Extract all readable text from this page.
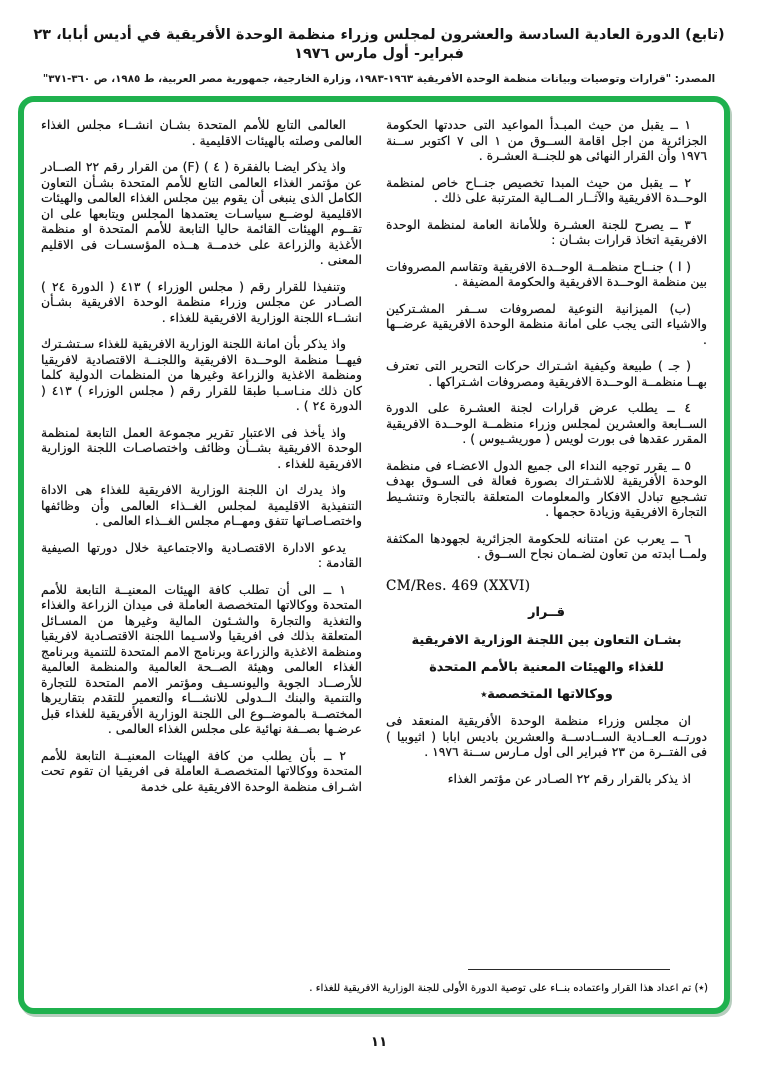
(تابع) الدورة العادية السادسة والعشرون لمجلس وزراء منظمة الوحدة الأفريقية في أديس أبابا، ٢٣ فبراير- أول مارس ١٩٧٦
المصدر: "قرارات وتوصيات وبيانات منظمة الوحدة الأفريقية ١٩٦٣-١٩٨٣، وزارة الخارجية، جمهورية مصر العربية، ط ١٩٨٥، ص ٣٦٠-٣٧١"

١ ــ يقبل من حيث المبـدأ المواعيد التى حددتها الحكومة الجزائرية من اجل اقامة الســوق من ١ الى ٧ اكتوبر ســنة ١٩٧٦ وأن القرار النهائى هو للجنــة العشـرة .

٢ ــ يقبل من حيث المبدا تخصيص جنــاح خاص لمنظمة الوحــدة الافريقية والآثــار المــالية المترتبة على ذلك .

٣ ــ يصرح للجنة العشـرة وللأمانة العامة لمنظمة الوحدة الافريقية اتخاذ قرارات بشـان :

( ا ) جنــاح منظمــة الوحــدة الافريقية وتقاسم المصروفات بين منظمة الوحــدة الافريقية والحكومة المضيفة .

(ب) الميزانية النوعية لمصروفات ســفر المشـتركين والاشياء التى يجب على امانة منظمة الوحدة الافريقية عرضــها .

( جـ ) طبيعة وكيفية اشـتراك حركات التحرير التى تعترف بهــا منظمــة الوحــدة الافريقية ومصروفات اشـتراكها .

٤ ــ يطلب عرض قرارات لجنة العشـرة على الدورة الســابعة والعشرين لمجلس وزراء منظمــة الوحــدة الافريقية المقرر عقدها فى بورت لويس ( موريشـيوس ) .

٥ ــ يقرر توجيه النداء الى جميع الدول الاعضـاء فى منظمة الوحدة الأفريقية للاشـتراك بصورة فعالة فى السـوق بهدف تشـجيع تبادل الافكار والمعلومات المتعلقة بالتجارة وتنشـيط التجارة الافريقية وزيادة حجمها .

٦ ــ يعرب عن امتنانه للحكومة الجزائرية لجهودها المكثفة ولمــا ابدته من تعاون لضـمان نجاح الســوق .

CM/Res. 469 (XXVI)
قــرار
بشـان التعاون بين اللجنة الوزارية الافريقية
للغذاء والهيئات المعنية بالأمم المتحدة
ووكالاتها المتخصصة٭

ان مجلس وزراء منظمة الوحدة الأفريقية المنعقد فى دورتــه العــادية الســادســة والعشرين باديس ابابا ( اثيوبيا ) فى الفتــرة من ٢٣ فبراير الى اول مـارس ســنة ١٩٧٦ .

اذ يذكر بالقرار رقم ٢٢ الصـادر عن مؤتمر الغذاء

العالمى التابع للأمم المتحدة بشـان انشــاء مجلس الغذاء العالمى وصلته بالهيئات الاقليمية .

واذ يذكر ايضـا بالفقرة ( ٤ ) (F) من القرار رقم ٢٢ الصــادر عن مؤتمر الغذاء العالمى التابع للأمم المتحدة بشـأن التعاون الكامل الذى ينبغى أن يقوم بين مجلس الغذاء العالمى والهيئات الاقليمية لوضــع سياسـات يعتمدها المجلس ويتابعها على ان تقــوم الهيئات القائمة حاليا التابعة للأمم المتحدة او منظمة الأغذية والزراعة على خدمــة هــذه المؤسسـات فى الاقليم المعنى .

وتنفيذا للقرار رقم ( مجلس الوزراء ) ٤١٣ ( الدورة ٢٤ ) الصـادر عن مجلس وزراء منظمة الوحدة الافريقية بشـأن انشــاء اللجنة الوزارية الافريقية للغذاء .

واذ يذكر بأن امانة اللجنة الوزارية الافريقية للغذاء سـتشـترك فيهــا منظمة الوحــدة الافريقية واللجنــة الاقتصادية لافريقيا ومنظمة الاغذية والزراعة وغيرها من المنظمات الدولية كلما كان ذلك منـاسـبا طبقا للقرار رقم ( مجلس الوزراء ) ٤١٣ ( الدورة ٢٤ ) .

واذ يأخذ فى الاعتبار تقرير مجموعة العمل التابعة لمنظمة الوحدة الافريقية بشــأن وظائف واختصاصـات اللجنة الوزارية الافريقية للغذاء .

واذ يدرك ان اللجنة الوزارية الافريقية للغذاء هى الاداة التنفيذية الاقليمية لمجلس الغــذاء العالمى وأن وظائفها واختصـاصـاتها تتفق ومهــام مجلس الغــذاء العالمى .

يدعو الادارة الاقتصـادية والاجتماعية خلال دورتها الصيفية القادمة :

١ ــ الى أن تطلب كافة الهيئات المعنيــة التابعة للأمم المتحدة ووكالاتها المتخصصة العاملة فى ميدان الزراعة والغذاء والتغذية والتجارة والشـئون المالية وغيرها من المسـائل المتعلقة بذلك فى افريقيا ولاسـيما اللجنة الاقتصـادية لافريقيا ومنظمة الاغذية والزراعة وبرنامج الامم المتحدة للتنمية وبرنامج الغذاء العالمى وهيئة الصــحة العالمية والمنظمة العالمية للأرصــاد الجوية واليونسـيف ومؤتمر الامم المتحدة للتجارة والتنمية والبنك الــدولى للانشـــاء والتعمير للتقدم بتقاريرها المختصــة بالموضــوع الى اللجنة الوزارية الأفريقية للغذاء قبل عرضـها بصــفة نهائية على مجلس الغذاء العالمى .

٢ ــ بأن يطلب من كافة الهيئات المعنيــة التابعة للأمم المتحدة ووكالاتها المتخصصـة العاملة فى افريقيا ان تقوم تحت اشـراف منظمة الوحدة الافريقية على خدمة

(٭) تم اعداد هذا القرار واعتماده بنــاء على توصية الدورة الأولى للجنة الوزارية الافريقية للغذاء .
١١
